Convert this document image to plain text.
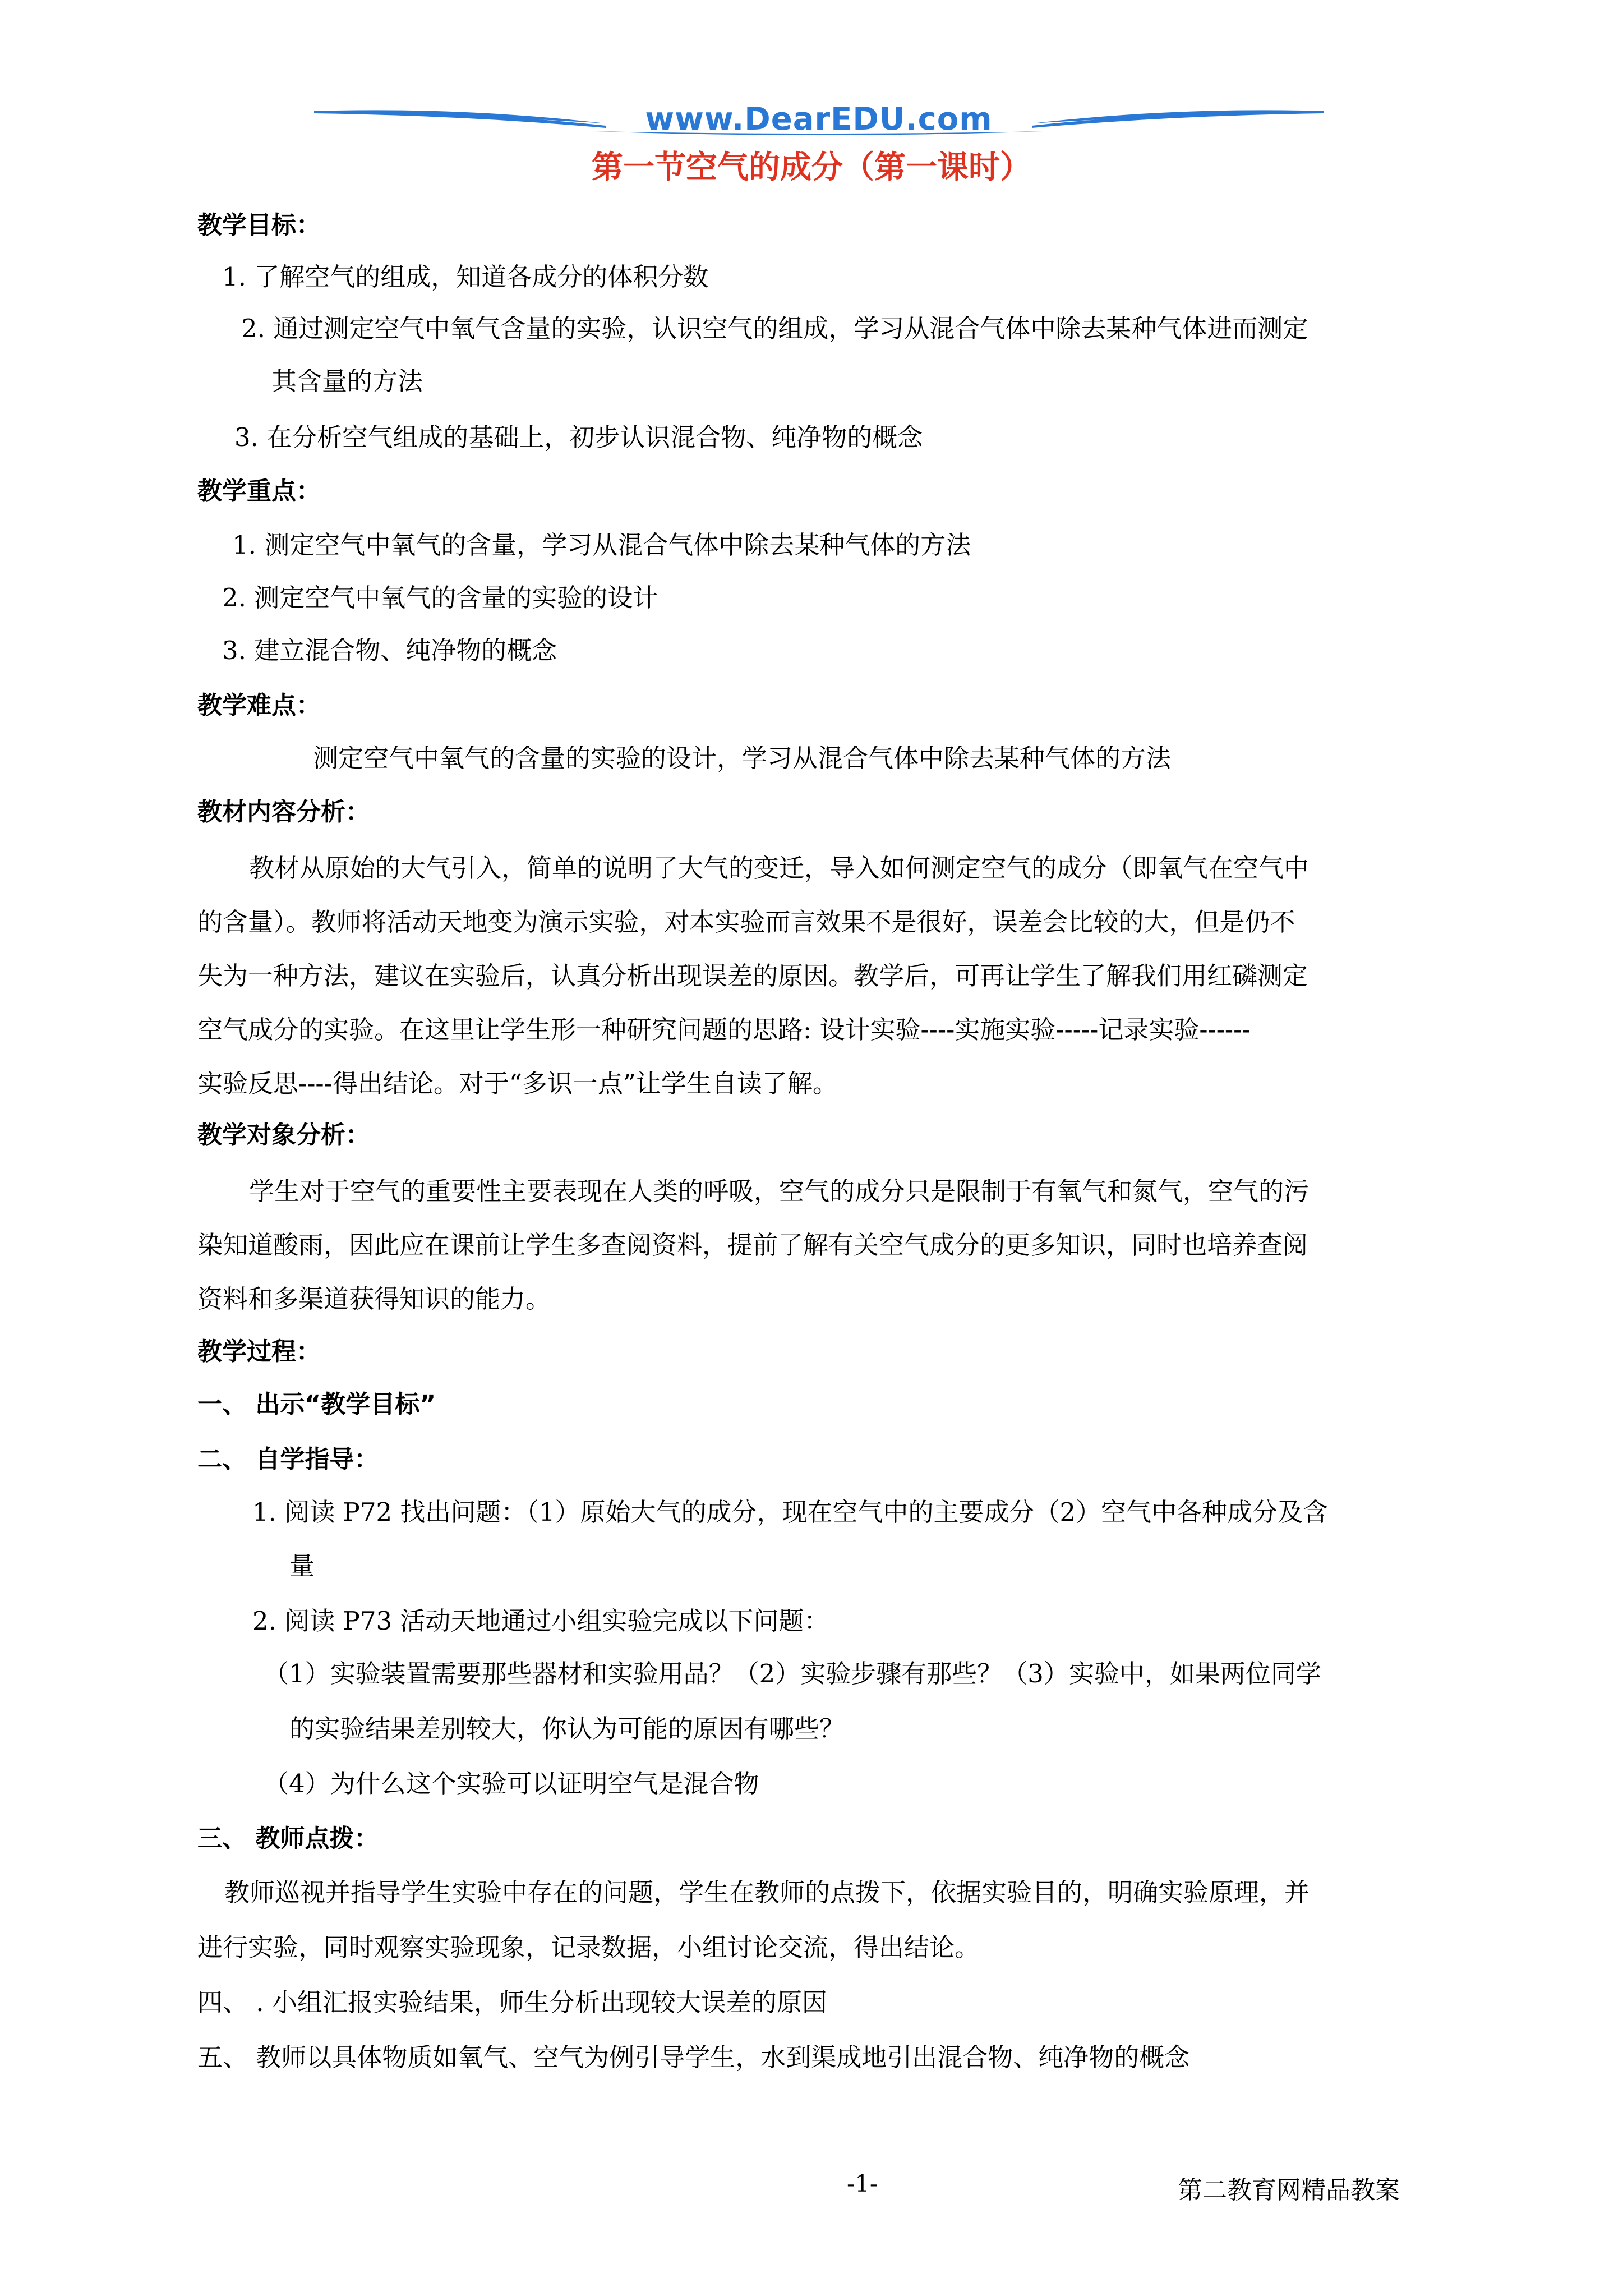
www.DearEDU.com
第一节空气的成分（第一课时）
教学目标：
1. 了解空气的组成，知道各成分的体积分数
2. 通过测定空气中氧气含量的实验，认识空气的组成，学习从混合气体中除去某种气体进而测定
其含量的方法
3. 在分析空气组成的基础上，初步认识混合物、纯净物的概念
教学重点：
1. 测定空气中氧气的含量，学习从混合气体中除去某种气体的方法
2. 测定空气中氧气的含量的实验的设计
3. 建立混合物、纯净物的概念
教学难点：
测定空气中氧气的含量的实验的设计，学习从混合气体中除去某种气体的方法
教材内容分析：
教材从原始的大气引入，简单的说明了大气的变迁，导入如何测定空气的成分（即氧气在空气中
的含量）。教师将活动天地变为演示实验，对本实验而言效果不是很好，误差会比较的大，但是仍不
失为一种方法，建议在实验后，认真分析出现误差的原因。教学后，可再让学生了解我们用红磷测定
空气成分的实验。在这里让学生形一种研究问题的思路: 设计实验----实施实验-----记录实验------
实验反思----得出结论。对于“多识一点”让学生自读了解。
教学对象分析：
学生对于空气的重要性主要表现在人类的呼吸，空气的成分只是限制于有氧气和氮气，空气的污
染知道酸雨，因此应在课前让学生多查阅资料，提前了解有关空气成分的更多知识，同时也培养查阅
资料和多渠道获得知识的能力。
教学过程：
一、 出示“教学目标”
二、 自学指导：
1. 阅读 P72 找出问题：（1）原始大气的成分，现在空气中的主要成分（2）空气中各种成分及含
量
2. 阅读 P73 活动天地通过小组实验完成以下问题：
（1）实验装置需要那些器材和实验用品？（2）实验步骤有那些？（3）实验中，如果两位同学
的实验结果差别较大，你认为可能的原因有哪些？
（4）为什么这个实验可以证明空气是混合物
三、 教师点拨：
教师巡视并指导学生实验中存在的问题，学生在教师的点拨下，依据实验目的，明确实验原理，并
进行实验，同时观察实验现象，记录数据，小组讨论交流，得出结论。
四、 . 小组汇报实验结果，师生分析出现较大误差的原因
五、 教师以具体物质如氧气、空气为例引导学生，水到渠成地引出混合物、纯净物的概念
-1-	第二教育网精品教案
